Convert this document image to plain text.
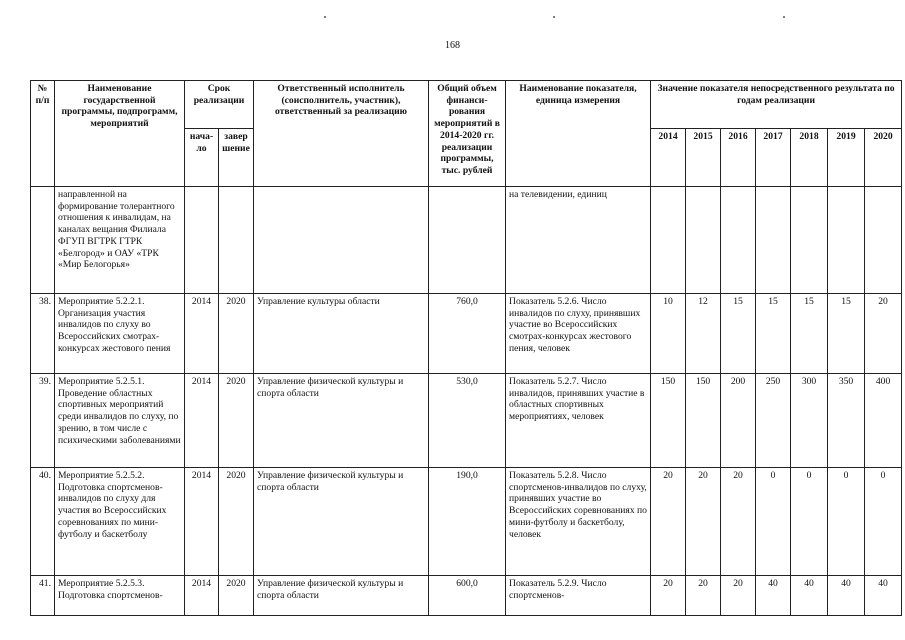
168
№ п/п	Наименование государственной программы, подпрограмм, мероприятий	Срок реализации		Ответственный исполнитель (соисполнитель, участник), ответственный за реализацию	Общий объем финанси-рования мероприятий в 2014-2020 гг. реализации программы, тыс. рублей	Наименование показателя, единица измерения	Значение показателя непосредственного результата по годам реализации						
		нача-ло	завер шение				2014	2015	2016	2017	2018	2019	2020
	направленной на формирование толерантного отношения к инвалидам, на каналах вещания Филиала ФГУП ВГТРК ГТРК «Белгород» и ОАУ «ТРК «Мир Белогорья»					на телевидении, единиц							
38.	Мероприятие 5.2.2.1. Организация участия инвалидов по слуху во Всероссийских смотрах-конкурсах жестового пения	2014	2020	Управление культуры области	760,0	Показатель 5.2.6. Число инвалидов по слуху, принявших участие во Всероссийских смотрах-конкурсах жестового пения, человек	10	12	15	15	15	15	20
39.	Мероприятие 5.2.5.1. Проведение областных спортивных мероприятий среди инвалидов по слуху, по зрению, в том числе с психическими заболеваниями	2014	2020	Управление физической культуры и спорта области	530,0	Показатель 5.2.7. Число инвалидов, принявших участие в областных спортивных мероприятиях, человек	150	150	200	250	300	350	400
40.	Мероприятие 5.2.5.2. Подготовка спортсменов-инвалидов по слуху для участия во Всероссийских соревнованиях по мини-футболу и баскетболу	2014	2020	Управление физической культуры и спорта области	190,0	Показатель 5.2.8. Число спортсменов-инвалидов по слуху, принявших участие во Всероссийских соревнованиях по мини-футболу и баскетболу, человек	20	20	20	0	0	0	0
41.	Мероприятие 5.2.5.3. Подготовка спортсменов-	2014	2020	Управление физической культуры и спорта области	600,0	Показатель 5.2.9. Число спортсменов-	20	20	20	40	40	40	40
